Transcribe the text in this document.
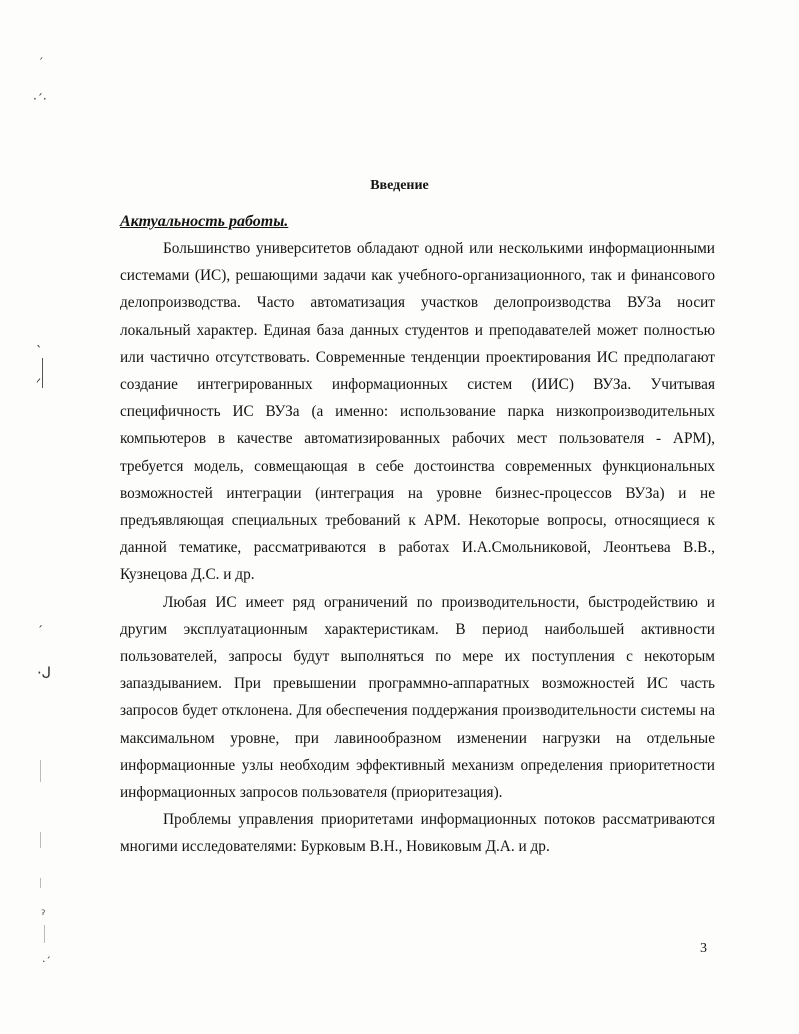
ˊ
·ˊ·
ˋ
ᐟ
ˊ
·ᒍ
ˀ
·ˊ
Введение
Актуальность работы.

Большинство университетов обладают одной или несколькими информационными системами (ИС), решающими задачи как учебного-организационного, так и финансового делопроизводства. Часто автоматизация участков делопроизводства ВУЗа носит локальный характер. Единая база данных студентов и преподавателей может полностью или частично отсутствовать. Современные тенденции проектирования ИС предполагают создание интегрированных информационных систем (ИИС) ВУЗа. Учитывая специфичность ИС ВУЗа (а именно: использование парка низкопроизводительных компьютеров в качестве автоматизированных рабочих мест пользователя - АРМ), требуется модель, совмещающая в себе достоинства современных функциональных возможностей интеграции (интеграция на уровне бизнес-процессов ВУЗа) и не предъявляющая специальных требований к АРМ. Некоторые вопросы, относящиеся к данной тематике, рассматриваются в работах И.А.Смольниковой, Леонтьева В.В., Кузнецова Д.С. и др.

Любая ИС имеет ряд ограничений по производительности, быстродействию и другим эксплуатационным характеристикам. В период наибольшей активности пользователей, запросы будут выполняться по мере их поступления с некоторым запаздыванием. При превышении программно-аппаратных возможностей ИС часть запросов будет отклонена. Для обеспечения поддержания производительности системы на максимальном уровне, при лавинообразном изменении нагрузки на отдельные информационные узлы необходим эффективный механизм определения приоритетности информационных запросов пользователя (приоритезация).

Проблемы управления приоритетами информационных потоков рассматриваются многими исследователями: Бурковым В.Н., Новиковым Д.А. и др.

3
